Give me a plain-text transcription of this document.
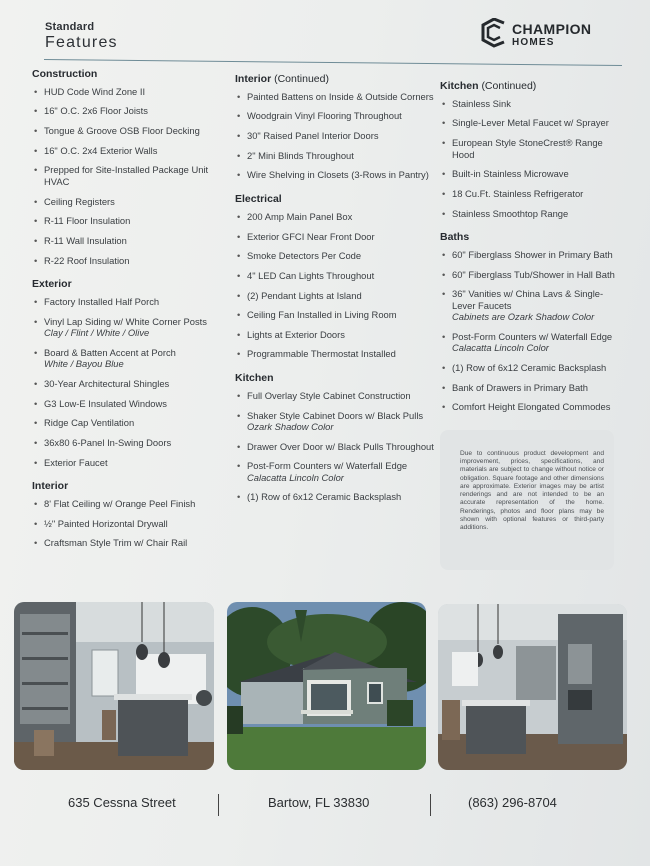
Standard
Features
CHAMPION
HOMES
Construction
• HUD Code Wind Zone II
• 16" O.C. 2x6 Floor Joists
• Tongue & Groove OSB Floor Decking
• 16" O.C. 2x4 Exterior Walls
• Prepped for Site-Installed Package Unit HVAC
• Ceiling Registers
• R-11 Floor Insulation
• R-11 Wall Insulation
• R-22 Roof Insulation
Exterior
• Factory Installed Half Porch
• Vinyl Lap Siding w/ White Corner Posts
Clay / Flint / White / Olive
• Board & Batten Accent at Porch
White / Bayou Blue
• 30-Year Architectural Shingles
• G3 Low-E Insulated Windows
• Ridge Cap Ventilation
• 36x80 6-Panel In-Swing Doors
• Exterior Faucet
Interior
• 8' Flat Ceiling w/ Orange Peel Finish
• ½" Painted Horizontal Drywall
• Craftsman Style Trim w/ Chair Rail
Interior (Continued)
• Painted Battens on Inside & Outside Corners
• Woodgrain Vinyl Flooring Throughout
• 30" Raised Panel Interior Doors
• 2" Mini Blinds Throughout
• Wire Shelving in Closets (3-Rows in Pantry)
Electrical
• 200 Amp Main Panel Box
• Exterior GFCI Near Front Door
• Smoke Detectors Per Code
• 4" LED Can Lights Throughout
• (2) Pendant Lights at Island
• Ceiling Fan Installed in Living Room
• Lights at Exterior Doors
• Programmable Thermostat Installed
Kitchen
• Full Overlay Style Cabinet Construction
• Shaker Style Cabinet Doors w/ Black Pulls
Ozark Shadow Color
• Drawer Over Door w/ Black Pulls Throughout
• Post-Form Counters w/ Waterfall Edge
Calacatta Lincoln Color
• (1) Row of 6x12 Ceramic Backsplash
Kitchen (Continued)
• Stainless Sink
• Single-Lever Metal Faucet w/ Sprayer
• European Style StoneCrest® Range Hood
• Built-in Stainless Microwave
• 18 Cu.Ft. Stainless Refrigerator
• Stainless Smoothtop Range
Baths
• 60" Fiberglass Shower in Primary Bath
• 60" Fiberglass Tub/Shower in Hall Bath
• 36" Vanities w/ China Lavs & Single-Lever Faucets
Cabinets are Ozark Shadow Color
• Post-Form Counters w/ Waterfall Edge
Calacatta Lincoln Color
• (1) Row of 6x12 Ceramic Backsplash
• Bank of Drawers in Primary Bath
• Comfort Height Elongated Commodes
Due to continuous product development and improvement, prices, specifications, and materials are subject to change without notice or obligation. Square footage and other dimensions are approximate. Exterior images may be artist renderings and are not intended to be an accurate representation of the home. Renderings, photos and floor plans may be shown with optional features or third-party additions.
635 Cessna Street	Bartow, FL 33830	(863) 296-8704
